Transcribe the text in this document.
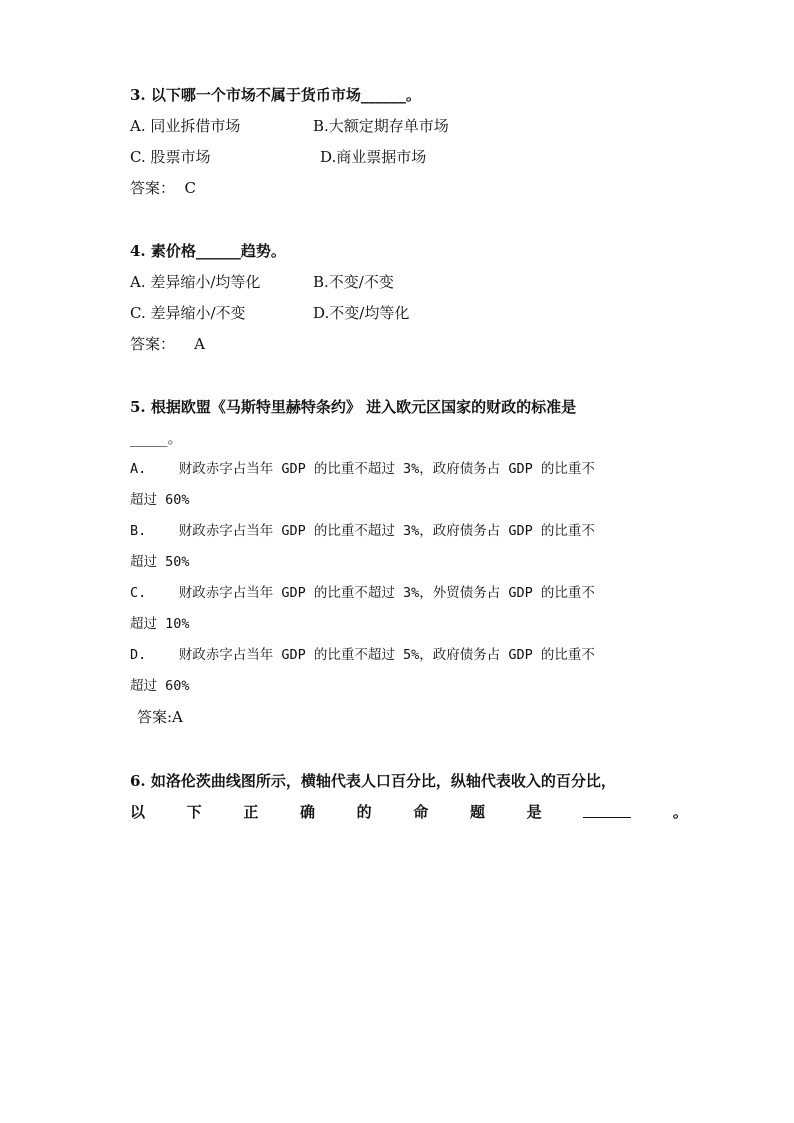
3. 以下哪一个市场不属于货币市场______。
A. 同业拆借市场	B.大额定期存单市场
C. 股票市场	D.商业票据市场
答案：  C
4. 素价格______趋势。
A. 差异缩小/均等化	B.不变/不变
C. 差异缩小/不变	D.不变/均等化
答案：    A
5. 根据欧盟《马斯特里赫特条约》 进入欧元区国家的财政的标准是
_____。
A.    财政赤字占当年 GDP 的比重不超过 3%，政府债务占 GDP 的比重不
超过 60%
B.    财政赤字占当年 GDP 的比重不超过 3%，政府债务占 GDP 的比重不
超过 50%
C.    财政赤字占当年 GDP 的比重不超过 3%，外贸债务占 GDP 的比重不
超过 10%
D.    财政赤字占当年 GDP 的比重不超过 5%，政府债务占 GDP 的比重不
超过 60%
答案:A
6. 如洛伦茨曲线图所示，横轴代表人口百分比，纵轴代表收入的百分比，
以	下	正	确	的	命	题	是	。
